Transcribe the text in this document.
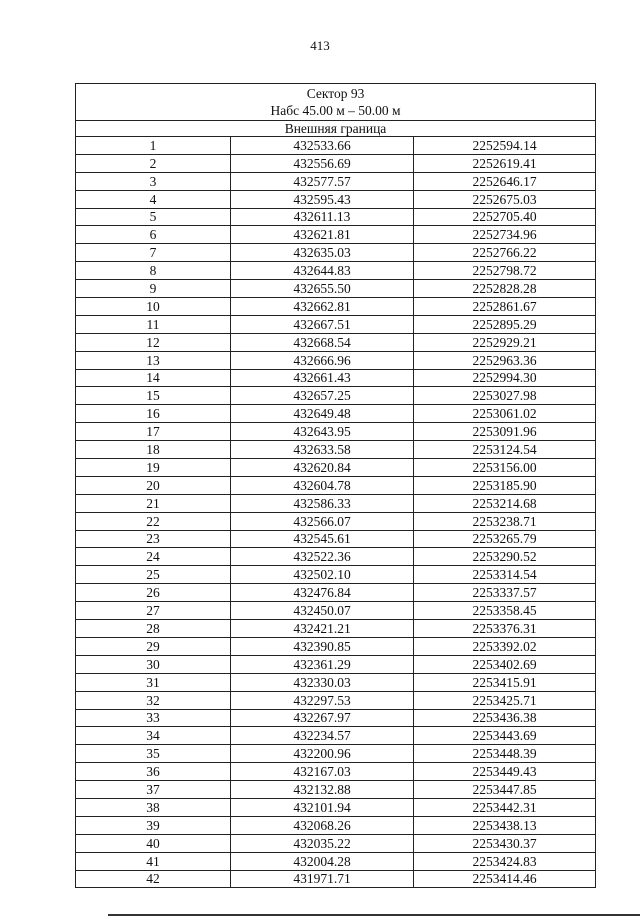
413
Сектор 93
Набс 45.00 м – 50.00 м		

Внешняя граница		
1	432533.66	2252594.14
2	432556.69	2252619.41
3	432577.57	2252646.17
4	432595.43	2252675.03
5	432611.13	2252705.40
6	432621.81	2252734.96
7	432635.03	2252766.22
8	432644.83	2252798.72
9	432655.50	2252828.28
10	432662.81	2252861.67
11	432667.51	2252895.29
12	432668.54	2252929.21
13	432666.96	2252963.36
14	432661.43	2252994.30
15	432657.25	2253027.98
16	432649.48	2253061.02
17	432643.95	2253091.96
18	432633.58	2253124.54
19	432620.84	2253156.00
20	432604.78	2253185.90
21	432586.33	2253214.68
22	432566.07	2253238.71
23	432545.61	2253265.79
24	432522.36	2253290.52
25	432502.10	2253314.54
26	432476.84	2253337.57
27	432450.07	2253358.45
28	432421.21	2253376.31
29	432390.85	2253392.02
30	432361.29	2253402.69
31	432330.03	2253415.91
32	432297.53	2253425.71
33	432267.97	2253436.38
34	432234.57	2253443.69
35	432200.96	2253448.39
36	432167.03	2253449.43
37	432132.88	2253447.85
38	432101.94	2253442.31
39	432068.26	2253438.13
40	432035.22	2253430.37
41	432004.28	2253424.83
42	431971.71	2253414.46
